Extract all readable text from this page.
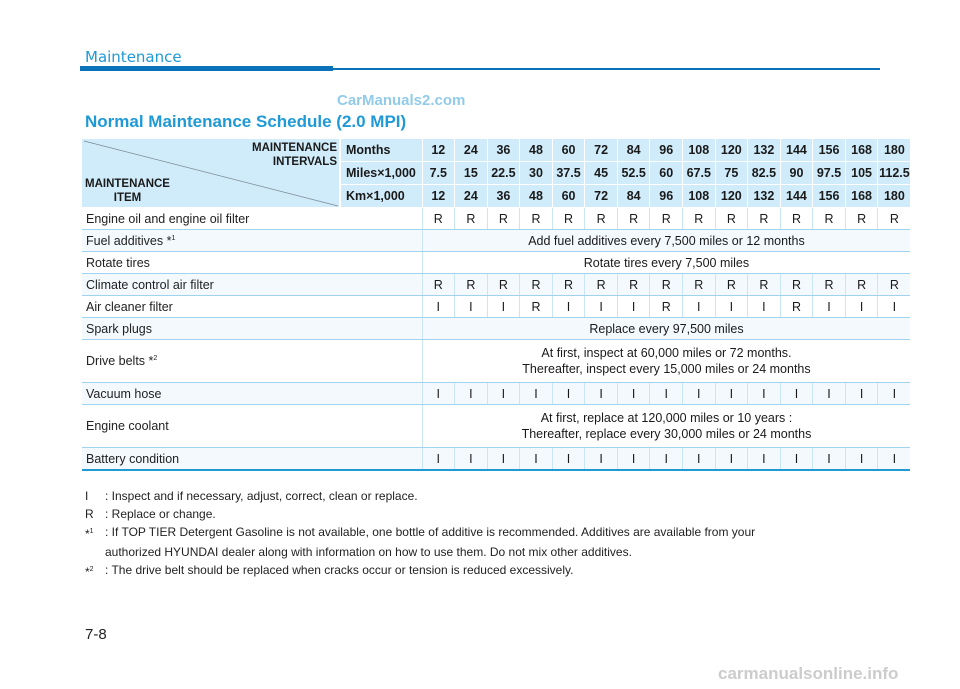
Maintenance
CarManuals2.com
Normal Maintenance Schedule (2.0 MPI)
MAINTENANCE
INTERVALS
MAINTENANCE
ITEM	Months	12	24	36	48	60	72	84	96	108	120	132	144	156	168	180
	Miles×1,000	7.5	15	22.5	30	37.5	45	52.5	60	67.5	75	82.5	90	97.5	105	112.5
	Km×1,000	12	24	36	48	60	72	84	96	108	120	132	144	156	168	180
Engine oil and engine oil filter		R	R	R	R	R	R	R	R	R	R	R	R	R	R	R
Fuel additives *$^1$		Add fuel additives every 7,500 miles or 12 months														

Rotate tires		Rotate tires every 7,500 miles														

Climate control air filter		R	R	R	R	R	R	R	R	R	R	R	R	R	R	R
Air cleaner filter		I	I	I	R	I	I	I	R	I	I	I	R	I	I	I
Spark plugs		Replace every 97,500 miles														

Drive belts *$^2$		At first, inspect at 60,000 miles or 72 months.
Thereafter, inspect every 15,000 miles or 24 months														

Vacuum hose		I	I	I	I	I	I	I	I	I	I	I	I	I	I	I
Engine coolant		At first, replace at 120,000 miles or 10 years :
Thereafter, replace every 30,000 miles or 24 months														

Battery condition		I	I	I	I	I	I	I	I	I	I	I	I	I	I	I
I	: Inspect and if necessary, adjust, correct, clean or replace.
R : Replace or change.
*$^1$ : If TOP TIER Detergent Gasoline is not available, one bottle of additive is recommended. Additives are available from your
authorized HYUNDAI dealer along with information on how to use them. Do not mix other additives.
*$^2$ : The drive belt should be replaced when cracks occur or tension is reduced excessively.
7-8
carmanualsonline.info
